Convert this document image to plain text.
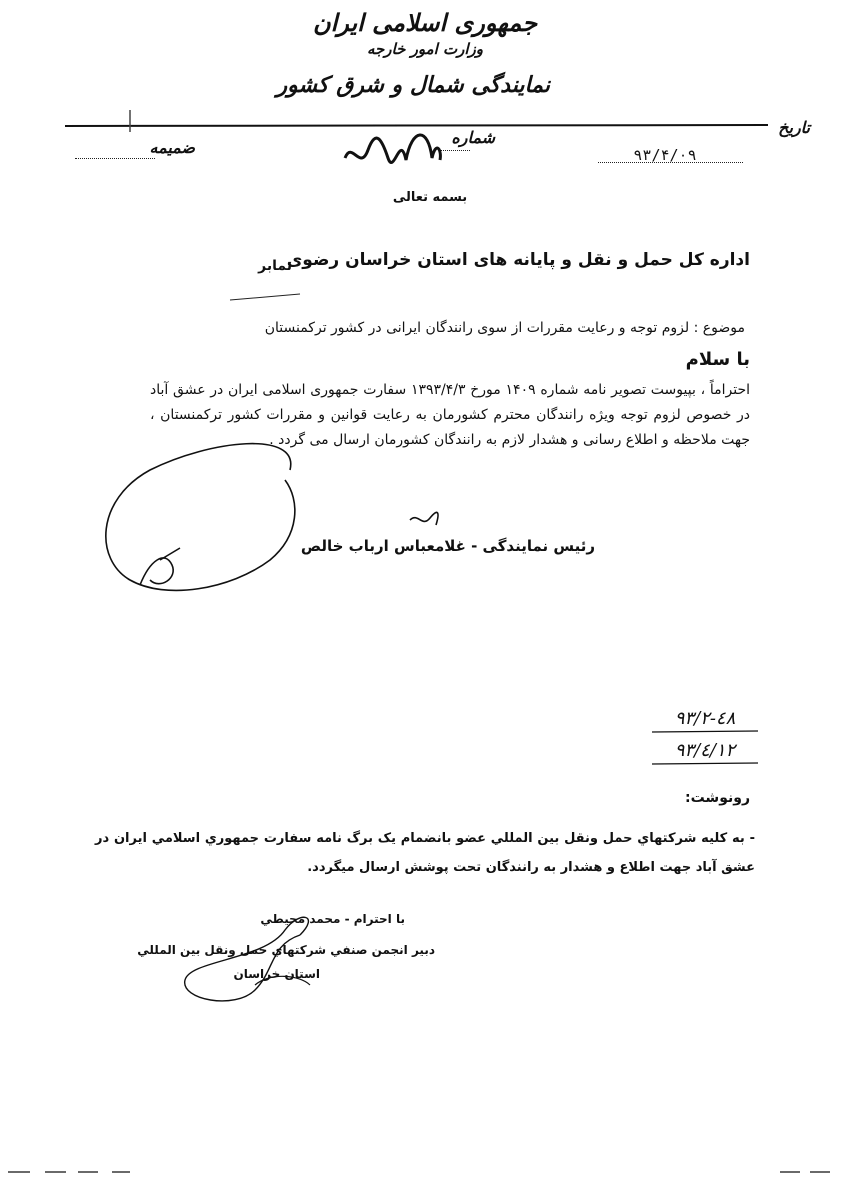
جمهوری اسلامی ایران
وزارت امور خارجه
نمایندگی شمال و شرق کشور
تاریخ
۹۳/۴/۰۹
شماره
ضمیمه
بسمه تعالی
اداره کل حمل و نقل و پایانه های استان خراسان رضوی
نمابر
موضوع : لزوم توجه و رعایت مقررات از سوی رانندگان ایرانی در کشور ترکمنستان
با سلام
احتراماً ، بپیوست تصویر نامه شماره ۱۴۰۹ مورخ ۱۳۹۳/۴/۳ سفارت جمهوری اسلامی ایران در عشق آباد در خصوص لزوم توجه ویژه رانندگان محترم کشورمان به رعایت قوانین و مقررات کشور ترکمنستان ، جهت ملاحظه و اطلاع رسانی و هشدار لازم به رانندگان کشورمان ارسال می گردد .
رئیس نمایندگی - غلامعباس ارباب خالص
۹۳/۲-٤٨
۹۳/٤/١٢
رونوشت:
- به کلیه شرکتهاي حمل ونقل بین المللي عضو بانضمام یک برگ نامه سفارت جمهوري اسلامي ایران در عشق آباد جهت اطلاع و هشدار به رانندگان تحت پوشش ارسال میگردد.
با احترام - محمد محیطي
دبیر انجمن صنفي شرکتهاي حمل ونقل بین المللي
استان خراسان
